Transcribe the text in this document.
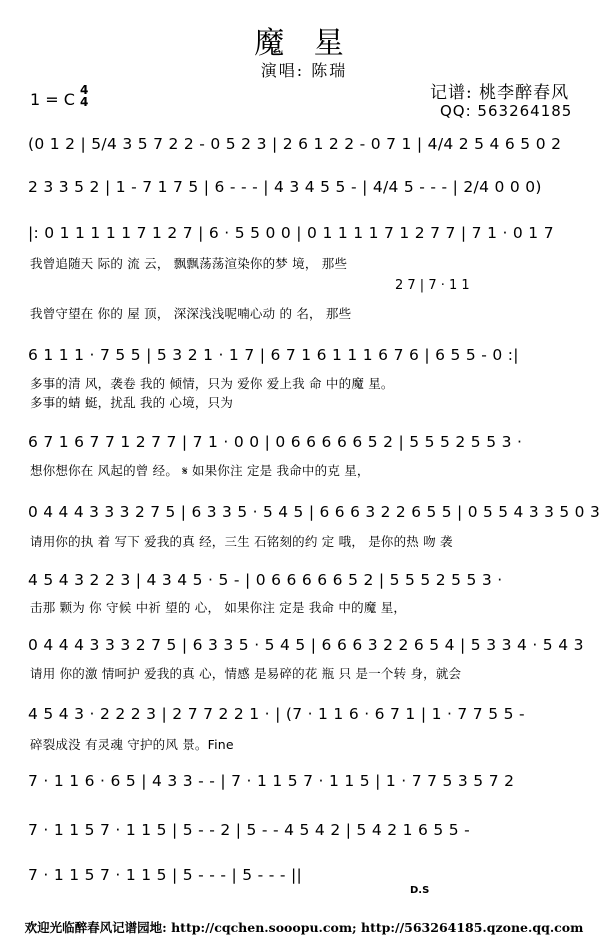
魔 星
演唱: 陈瑞
1 = C 4
4	记谱: 桃李醉春风
QQ: 563264185
(0 1 2 | 5/4 3 5 7 2 2 - 0 5 2 3 | 2 6 1 2 2 - 0 7 1 | 4/4 2 5 4 6 5 0 2
2 3 3 5 2 | 1 - 7 1 7 5 | 6 - - - | 4 3 4 5 5 - | 4/4 5 - - - | 2/4 0 0 0)
|: 0 1 1 1 1 1 7 1 2 7 | 6 · 5 5 0 0 | 0 1 1 1 1 7 1 2 7 7 | 7 1 · 0 1 7
我曾追随天 际的 流 云， 飘飘荡荡渲染你的梦 境， 那些
2 7 | 7 · 1 1
我曾守望在 你的 屋 顶， 深深浅浅呢喃心动 的 名， 那些
6 1 1 1 · 7 5 5 | 5 3 2 1 · 1 7 | 6 7 1 6 1 1 1 6 7 6 | 6 5 5 - 0 :|
多事的清 风，袭卷 我的 倾情，只为 爱你 爱上我 命 中的魔 星。
多事的蜻 蜓，扰乱 我的 心境，只为
6 7 1 6 7 7 1 2 7 7 | 7 1 · 0 0 | 0 6 6 6 6 6 5 2 | 5 5 5 2 5 5 3 ·
想你想你在 风起的曾 经。 𝄋 如果你注 定是 我命中的克 星，
0 4 4 4 3 3 3 2 7 5 | 6 3 3 5 · 5 4 5 | 6 6 6 3 2 2 6 5 5 | 0 5 5 4 3 3 5 0 3
请用你的执 着 写下 爱我的真 经，三生 石铭刻的约 定 哦， 是你的热 吻 袭
4 5 4 3 2 2 3 | 4 3 4 5 · 5 - | 0 6 6 6 6 6 5 2 | 5 5 5 2 5 5 3 ·
击那 颗为 你 守候 中祈 望的 心， 如果你注 定是 我命 中的魔 星，
0 4 4 4 3 3 3 2 7 5 | 6 3 3 5 · 5 4 5 | 6 6 6 3 2 2 6 5 4 | 5 3 3 4 · 5 4 3
请用 你的激 情呵护 爱我的真 心，情感 是易碎的花 瓶 只 是一个转 身，就会
4 5 4 3 · 2 2 2 3 | 2 7 7 2 2 1 · | (7 · 1 1 6 · 6 7 1 | 1 · 7 7 5 5 -
碎裂成没 有灵魂 守护的风 景。Fine
7 · 1 1 6 · 6 5 | 4 3 3 - - | 7 · 1 1 5 7 · 1 1 5 | 1 · 7 7 5 3 5 7 2
7 · 1 1 5 7 · 1 1 5 | 5 - - 2 | 5 - - 4 5 4 2 | 5 4 2 1 6 5 5 -
7 · 1 1 5 7 · 1 1 5 | 5 - - - | 5 - - - ||
D.S
欢迎光临醉春风记谱园地: http://cqchen.sooopu.com; http://563264185.qzone.qq.com
